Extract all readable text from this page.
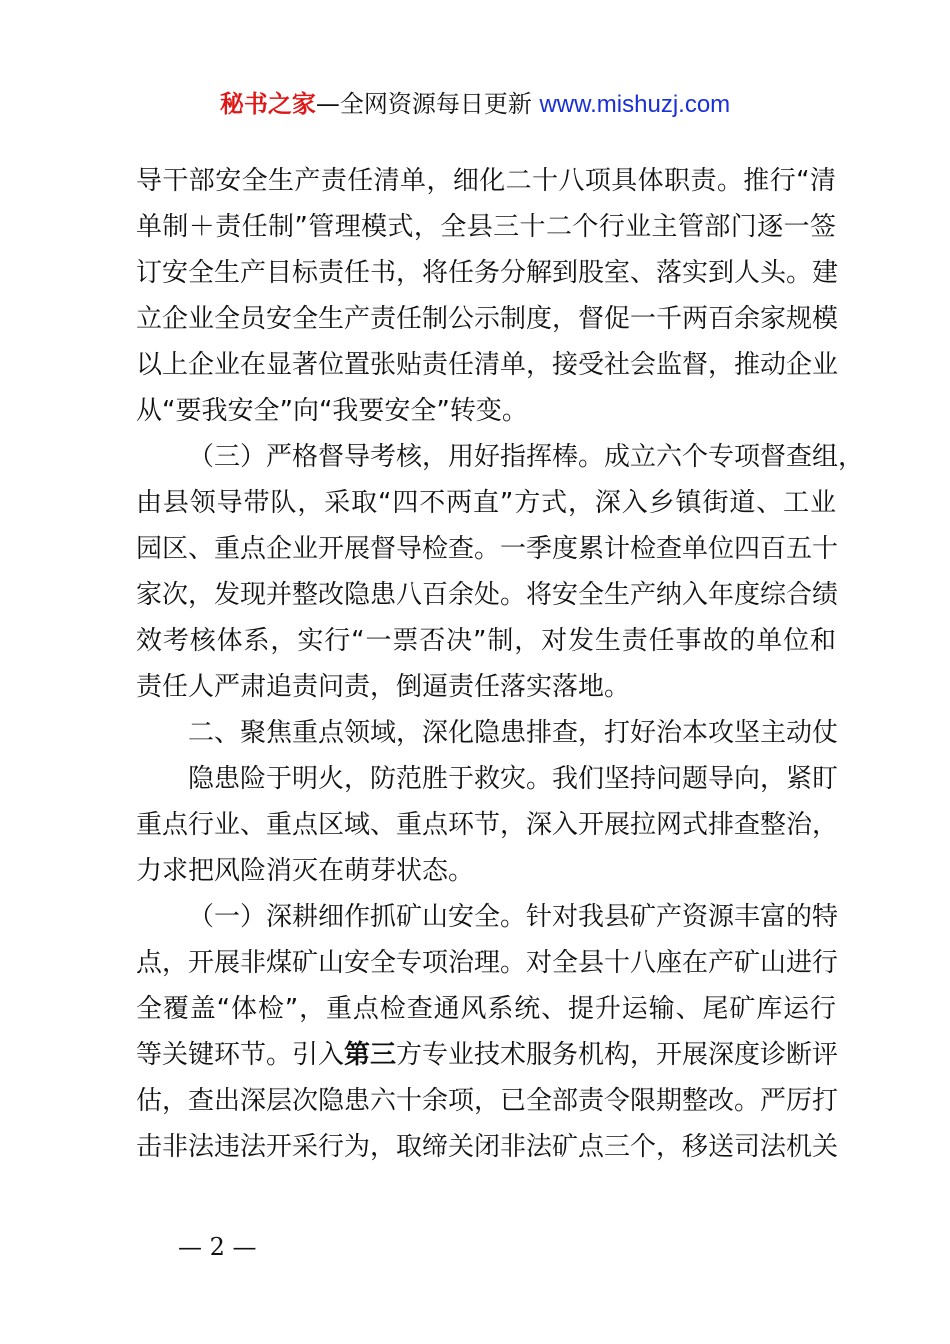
秘书之家—全网资源每日更新 www.mishuzj.com
导干部安全生产责任清单，细化二十八项具体职责。推行“清
单制＋责任制”管理模式，全县三十二个行业主管部门逐一签
订安全生产目标责任书，将任务分解到股室、落实到人头。建
立企业全员安全生产责任制公示制度，督促一千两百余家规模
以上企业在显著位置张贴责任清单，接受社会监督，推动企业
从“要我安全”向“我要安全”转变。
（三）严格督导考核，用好指挥棒。成立六个专项督查组，
由县领导带队，采取“四不两直”方式，深入乡镇街道、工业
园区、重点企业开展督导检查。一季度累计检查单位四百五十
家次，发现并整改隐患八百余处。将安全生产纳入年度综合绩
效考核体系，实行“一票否决”制，对发生责任事故的单位和
责任人严肃追责问责，倒逼责任落实落地。
二、聚焦重点领域，深化隐患排查，打好治本攻坚主动仗
隐患险于明火，防范胜于救灾。我们坚持问题导向，紧盯
重点行业、重点区域、重点环节，深入开展拉网式排查整治，
力求把风险消灭在萌芽状态。
（一）深耕细作抓矿山安全。针对我县矿产资源丰富的特
点，开展非煤矿山安全专项治理。对全县十八座在产矿山进行
全覆盖“体检”，重点检查通风系统、提升运输、尾矿库运行
等关键环节。引入第三方专业技术服务机构，开展深度诊断评
估，查出深层次隐患六十余项，已全部责令限期整改。严厉打
击非法违法开采行为，取缔关闭非法矿点三个，移送司法机关
— 2 —
